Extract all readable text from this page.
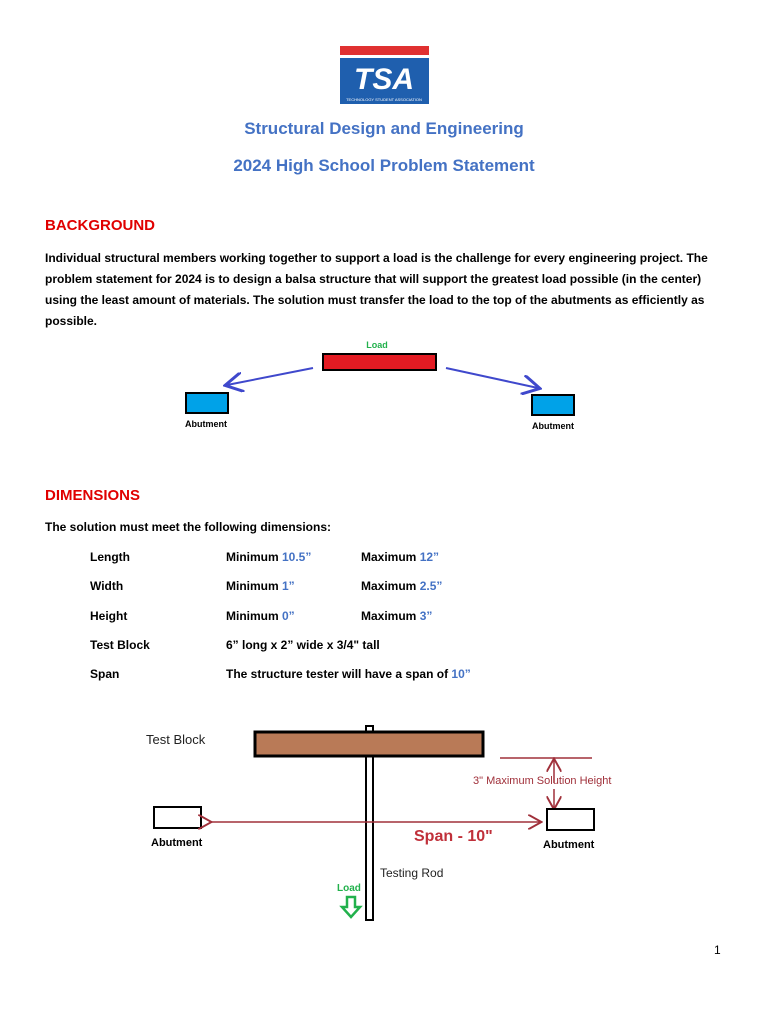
TSA
TECHNOLOGY STUDENT ASSOCIATION
Structural Design and Engineering
2024 High School Problem Statement
BACKGROUND

Individual structural members working together to support a load is the challenge for every engineering project. The problem statement for 2024 is to design a balsa structure that will support the greatest load possible (in the center) using the least amount of materials. The solution must transfer the load to the top of the abutments as efficiently as possible.

Load
Abutment	Abutment
DIMENSIONS
The solution must meet the following dimensions:
Length	Minimum 10.5”	Maximum 12”
Width	Minimum 1”	Maximum 2.5”
Height	Minimum 0”	Maximum 3”
Test Block	6” long x 2” wide x 3/4" tall
Span	The structure tester will have a span of 10”
Test Block
3" Maximum Solution Height
Span - 10"
Abutment	Abutment
Testing Rod
Load
1
